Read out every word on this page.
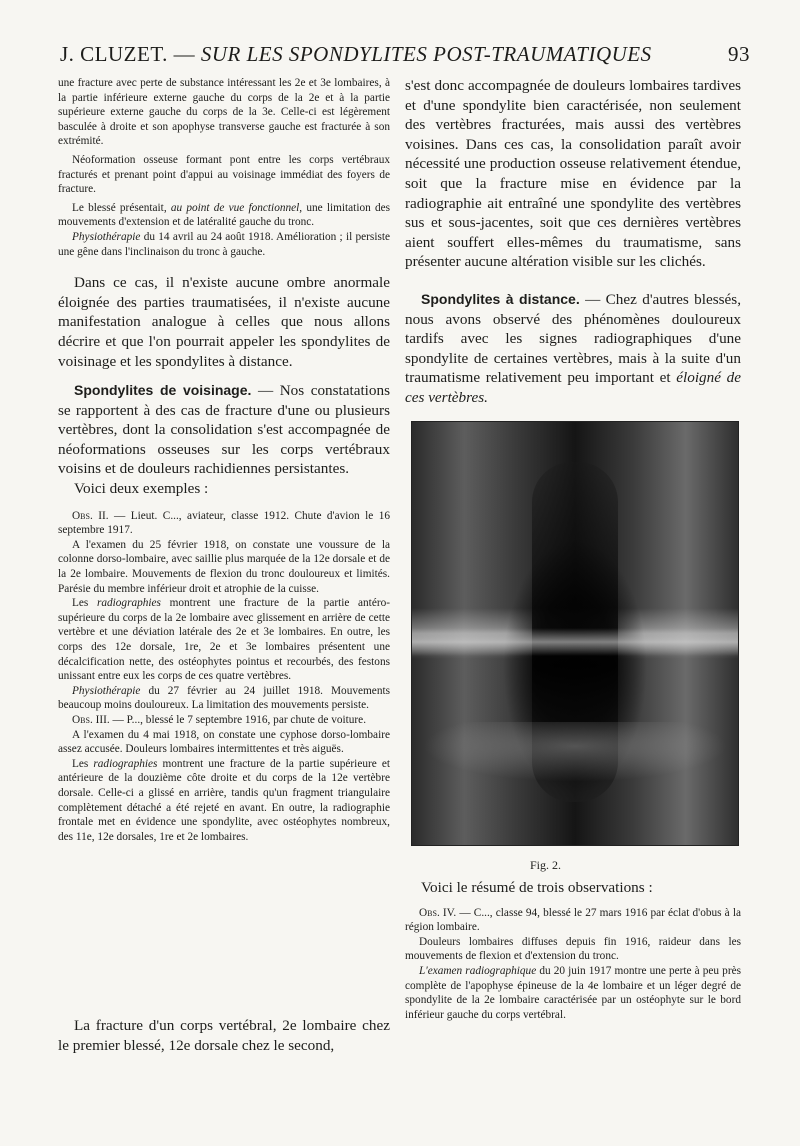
J. CLUZET. — SUR LES SPONDYLITES POST-TRAUMATIQUES	93

une fracture avec perte de substance intéressant les 2e et 3e lombaires, à la partie inférieure externe gauche du corps de la 2e et à la partie supérieure externe gauche du corps de la 3e. Celle-ci est légèrement basculée à droite et son apophyse transverse gauche est fracturée à son extrémité.

Néoformation osseuse formant pont entre les corps vertébraux fracturés et prenant point d'appui au voisinage immédiat des foyers de fracture.

Le blessé présentait, au point de vue fonctionnel, une limitation des mouvements d'extension et de latéralité gauche du tronc.

Physiothérapie du 14 avril au 24 août 1918. Amélioration ; il persiste une gêne dans l'inclinaison du tronc à gauche.

Dans ce cas, il n'existe aucune ombre anormale éloignée des parties traumatisées, il n'existe aucune manifestation analogue à celles que nous allons décrire et que l'on pourrait appeler les spondylites de voisinage et les spondylites à distance.

Spondylites de voisinage. — Nos constatations se rapportent à des cas de fracture d'une ou plusieurs vertèbres, dont la consolidation s'est accompagnée de néoformations osseuses sur les corps vertébraux voisins et de douleurs rachidiennes persistantes.

Voici deux exemples :

Obs. II. — Lieut. C..., aviateur, classe 1912. Chute d'avion le 16 septembre 1917.

A l'examen du 25 février 1918, on constate une voussure de la colonne dorso-lombaire, avec saillie plus marquée de la 12e dorsale et de la 2e lombaire. Mouvements de flexion du tronc douloureux et limités. Parésie du membre inférieur droit et atrophie de la cuisse.

Les radiographies montrent une fracture de la partie antéro-supérieure du corps de la 2e lombaire avec glissement en arrière de cette vertèbre et une déviation latérale des 2e et 3e lombaires. En outre, les corps des 12e dorsale, 1re, 2e et 3e lombaires présentent une décalcification nette, des ostéophytes pointus et recourbés, des festons unissant entre eux les corps de ces quatre vertèbres.

Physiothérapie du 27 février au 24 juillet 1918. Mouvements beaucoup moins douloureux. La limitation des mouvements persiste.

Obs. III. — P..., blessé le 7 septembre 1916, par chute de voiture.

A l'examen du 4 mai 1918, on constate une cyphose dorso-lombaire assez accusée. Douleurs lombaires intermittentes et très aiguës.

Les radiographies montrent une fracture de la partie supérieure et antérieure de la douzième côte droite et du corps de la 12e vertèbre dorsale. Celle-ci a glissé en arrière, tandis qu'un fragment triangulaire complètement détaché a été rejeté en avant. En outre, la radiographie frontale met en évidence une spondylite, avec ostéophytes nombreux, des 11e, 12e dorsales, 1re et 2e lombaires.

La fracture d'un corps vertébral, 2e lombaire chez le premier blessé, 12e dorsale chez le second,

s'est donc accompagnée de douleurs lombaires tardives et d'une spondylite bien caractérisée, non seulement des vertèbres fracturées, mais aussi des vertèbres voisines. Dans ces cas, la consolidation paraît avoir nécessité une production osseuse relativement étendue, soit que la fracture mise en évidence par la radiographie ait entraîné une spondylite des vertèbres sus et sous-jacentes, soit que ces dernières vertèbres aient souffert elles-mêmes du traumatisme, sans présenter aucune altération visible sur les clichés.

Spondylites à distance. — Chez d'autres blessés, nous avons observé des phénomènes douloureux tardifs avec les signes radiographiques d'une spondylite de certaines vertèbres, mais à la suite d'un traumatisme relativement peu important et éloigné de ces vertèbres.

Fig. 2.

Voici le résumé de trois observations :

Obs. IV. — C..., classe 94, blessé le 27 mars 1916 par éclat d'obus à la région lombaire.

Douleurs lombaires diffuses depuis fin 1916, raideur dans les mouvements de flexion et d'extension du tronc.

L'examen radiographique du 20 juin 1917 montre une perte à peu près complète de l'apophyse épineuse de la 4e lombaire et un léger degré de spondylite de la 2e lombaire caractérisée par un ostéophyte sur le bord inférieur gauche du corps vertébral.
